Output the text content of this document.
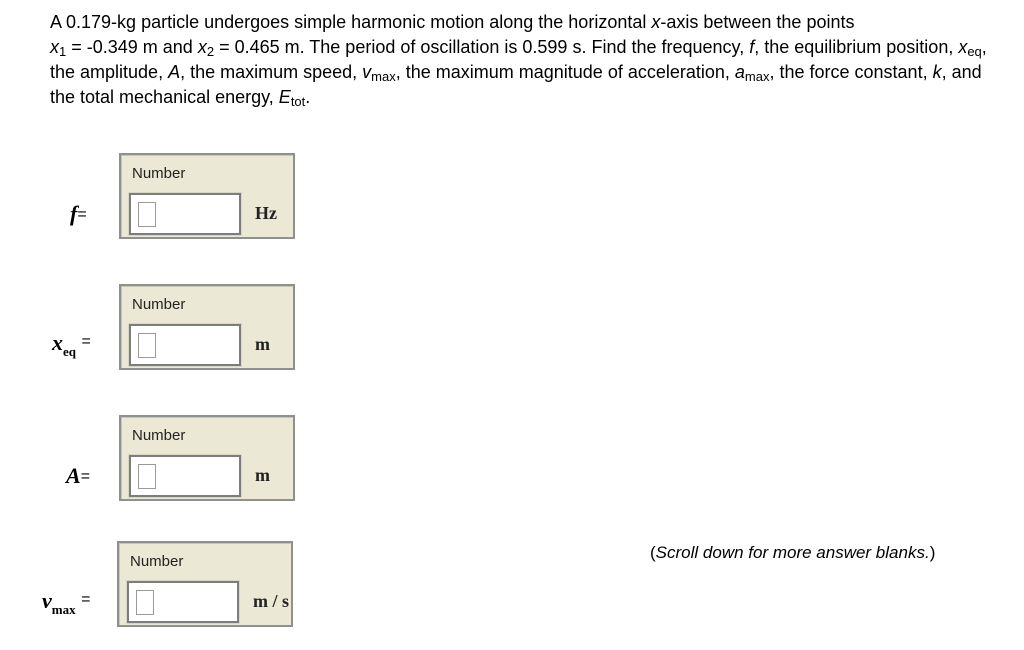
A 0.179-kg particle undergoes simple harmonic motion along the horizontal x-axis between the points
$x_1 = -0.349$ m and $x_2 = 0.465$ m. The period of oscillation is 0.599 s. Find the frequency, f, the equilibrium position, $x_{eq}$, the amplitude, A, the maximum speed, $v_{max}$, the maximum magnitude of acceleration, $a_{max}$, the force constant, k, and the total mechanical energy, $E_{tot}$.
f=
Number
Hz
$x_{eq}$ =
Number
m
A=
Number
m
$v_{max}$ =
Number
m / s
(Scroll down for more answer blanks.)
